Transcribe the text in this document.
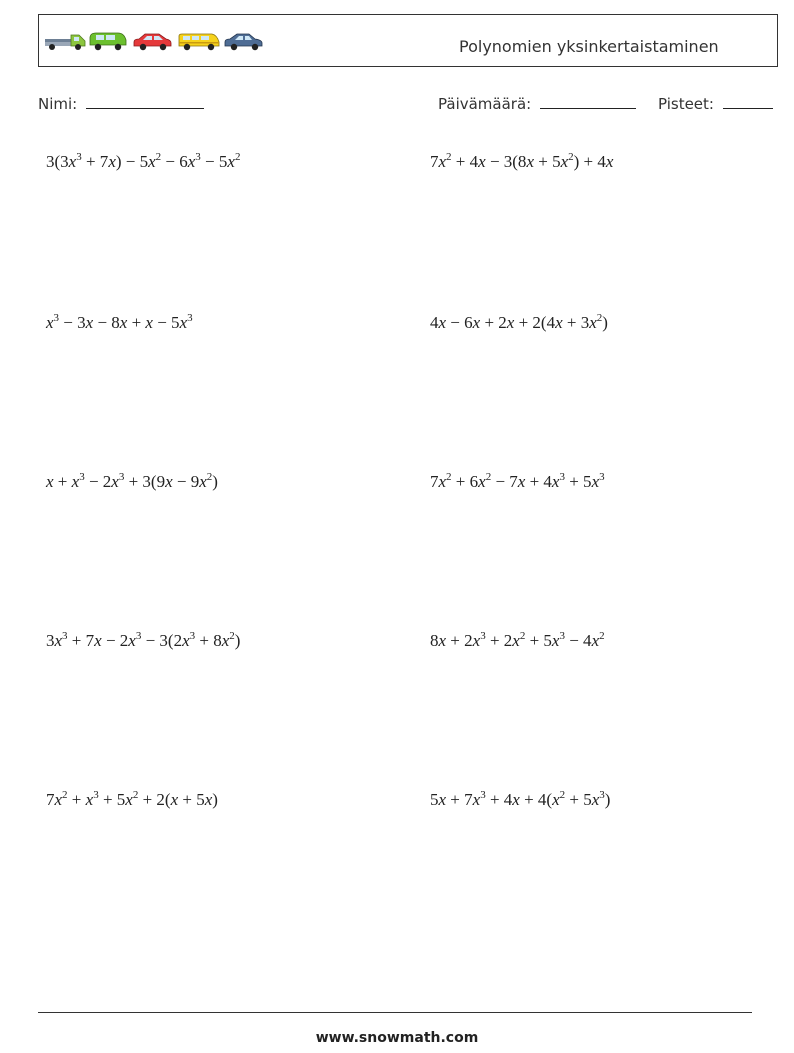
Polynomien yksinkertaistaminen
Nimi:	Päivämäärä:	Pisteet:
$3(3x^3 + 7x) - 5x^2 - 6x^3 - 5x^2$	$7x^2 + 4x - 3(8x + 5x^2) + 4x$
$x^3 - 3x - 8x + x - 5x^3$	$4x - 6x + 2x + 2(4x + 3x^2)$
$x + x^3 - 2x^3 + 3(9x - 9x^2)$	$7x^2 + 6x^2 - 7x + 4x^3 + 5x^3$
$3x^3 + 7x - 2x^3 - 3(2x^3 + 8x^2)$	$8x + 2x^3 + 2x^2 + 5x^3 - 4x^2$
$7x^2 + x^3 + 5x^2 + 2(x + 5x)$	$5x + 7x^3 + 4x + 4(x^2 + 5x^3)$
www.snowmath.com
